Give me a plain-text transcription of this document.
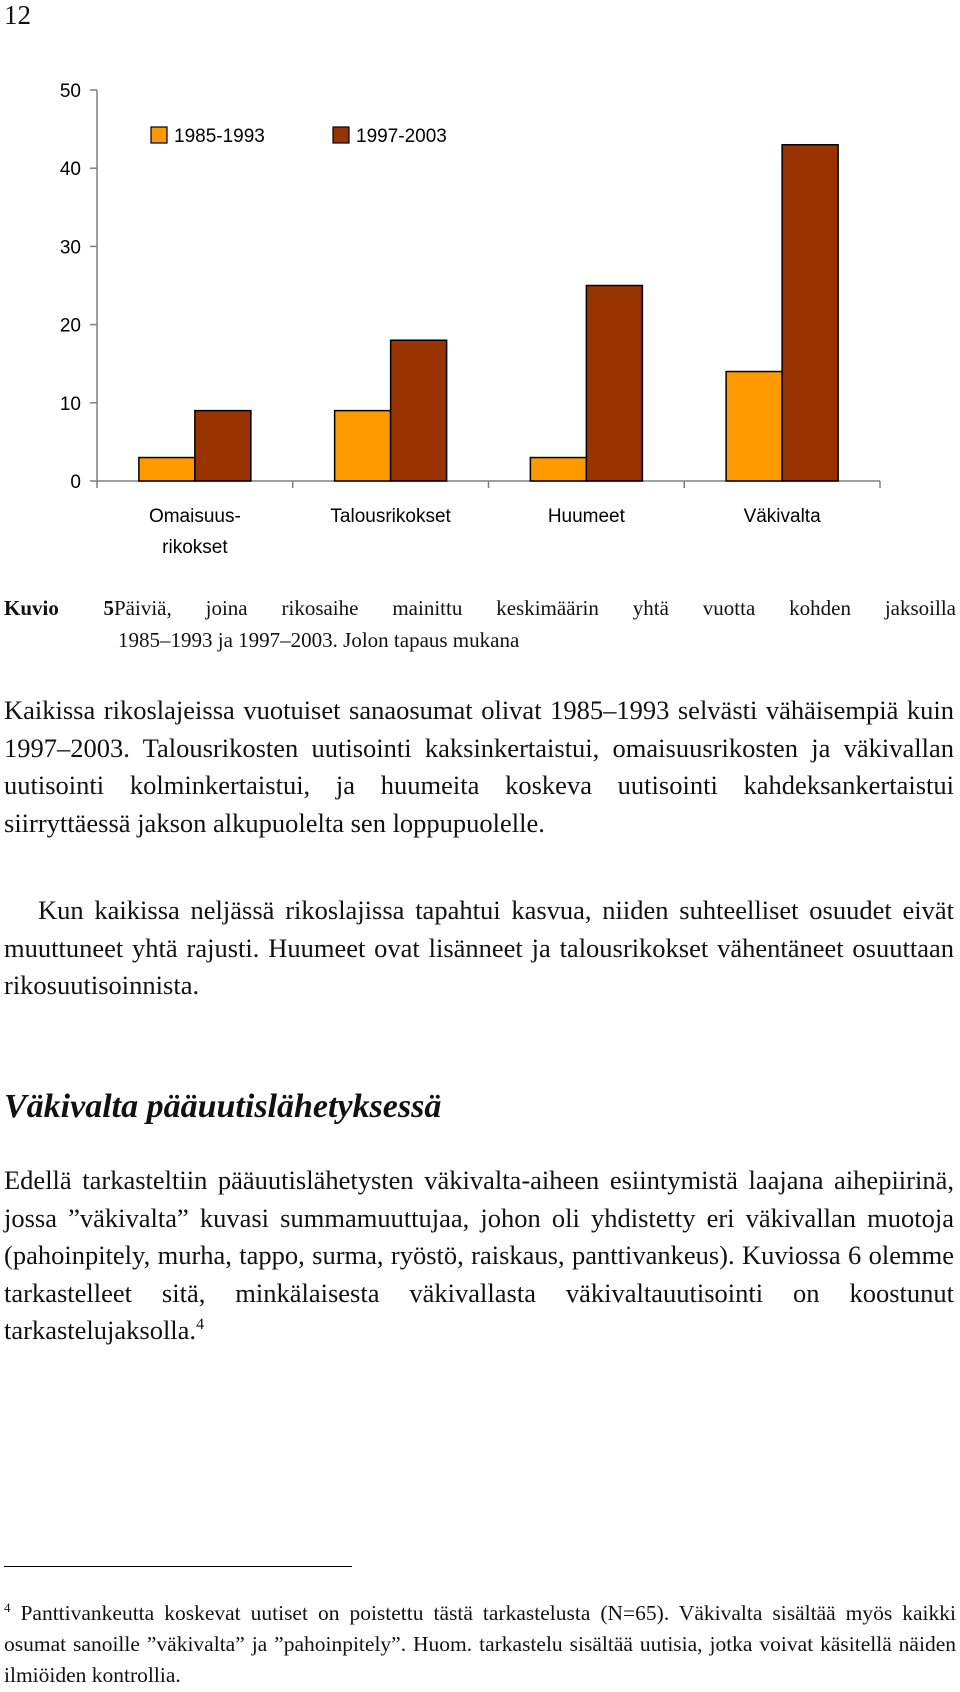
12
0
10
20
30
40
50
Omaisuus-
rikokset
Talousrikokset	Huumeet	Väkivalta
1985-1993	1997-2003
Kuvio 5Päiviä, joina rikosaihe mainittu keskimäärin yhtä vuotta kohden jaksoilla
1985–1993 ja 1997–2003. Jolon tapaus mukana

Kaikissa rikoslajeissa vuotuiset sanaosumat olivat 1985–1993 selvästi vähäisempiä kuin 1997–2003. Talousrikosten uutisointi kaksinkertaistui, omaisuusrikosten ja väkivallan uutisointi kolminkertaistui, ja huumeita koskeva uutisointi kahdeksankertaistui siirryttäessä jakson alkupuolelta sen loppupuolelle.

Kun kaikissa neljässä rikoslajissa tapahtui kasvua, niiden suhteelliset osuudet eivät muuttuneet yhtä rajusti. Huumeet ovat lisänneet ja talousrikokset vähentäneet osuuttaan rikosuutisoinnista.

Väkivalta pääuutislähetyksessä

Edellä tarkasteltiin pääuutislähetysten väkivalta-aiheen esiintymistä laajana aihepiirinä, jossa ”väkivalta” kuvasi summamuuttujaa, johon oli yhdistetty eri väkivallan muotoja (pahoinpitely, murha, tappo, surma, ryöstö, raiskaus, panttivankeus). Kuviossa 6 olemme tarkastelleet sitä, minkälaisesta väkivallasta väkivaltauutisointi on koostunut tarkastelujaksolla.$^4$

$^4$ Panttivankeutta koskevat uutiset on poistettu tästä tarkastelusta (N=65). Väkivalta sisältää myös kaikki osumat sanoille ”väkivalta” ja ”pahoinpitely”. Huom. tarkastelu sisältää uutisia, jotka voivat käsitellä näiden ilmiöiden kontrollia.
